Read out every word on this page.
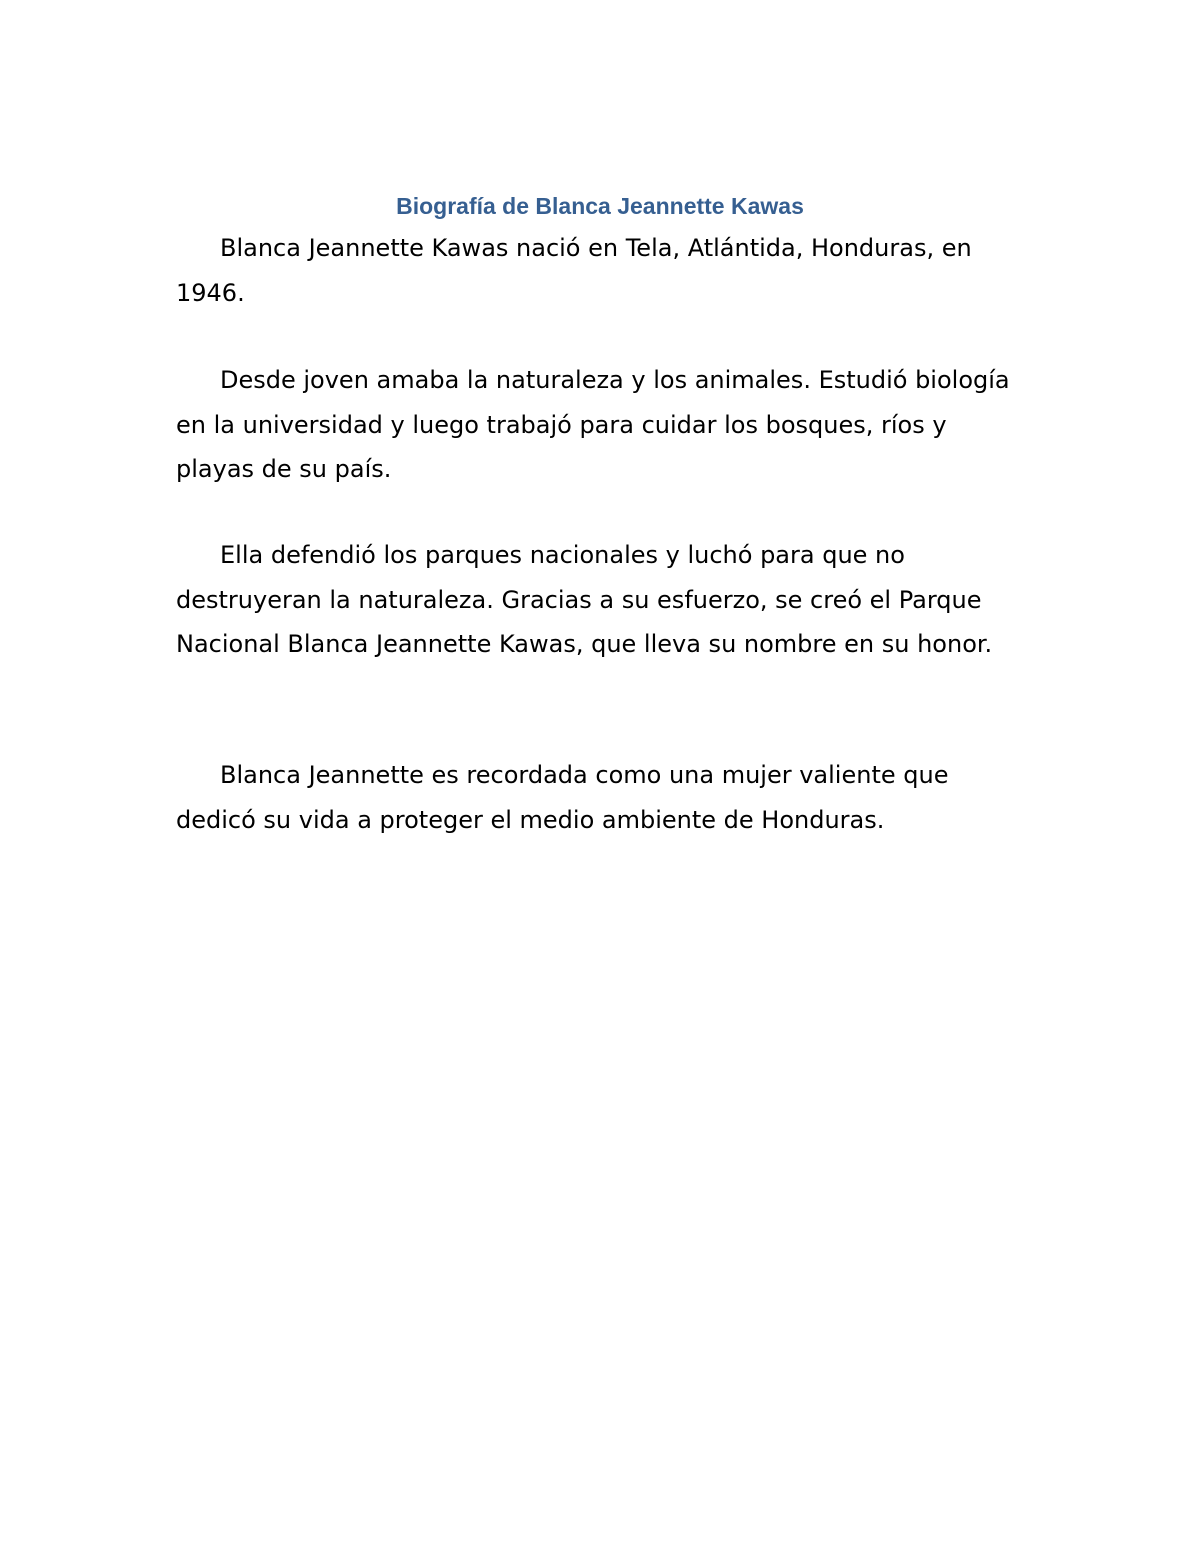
Biografía de Blanca Jeannette Kawas

Blanca Jeannette Kawas nació en Tela, Atlántida, Honduras, en 1946.

Desde joven amaba la naturaleza y los animales. Estudió biología en la universidad y luego trabajó para cuidar los bosques, ríos y playas de su país.

Ella defendió los parques nacionales y luchó para que no destruyeran la naturaleza. Gracias a su esfuerzo, se creó el Parque Nacional Blanca Jeannette Kawas, que lleva su nombre en su honor.

Blanca Jeannette es recordada como una mujer valiente que dedicó su vida a proteger el medio ambiente de Honduras.
